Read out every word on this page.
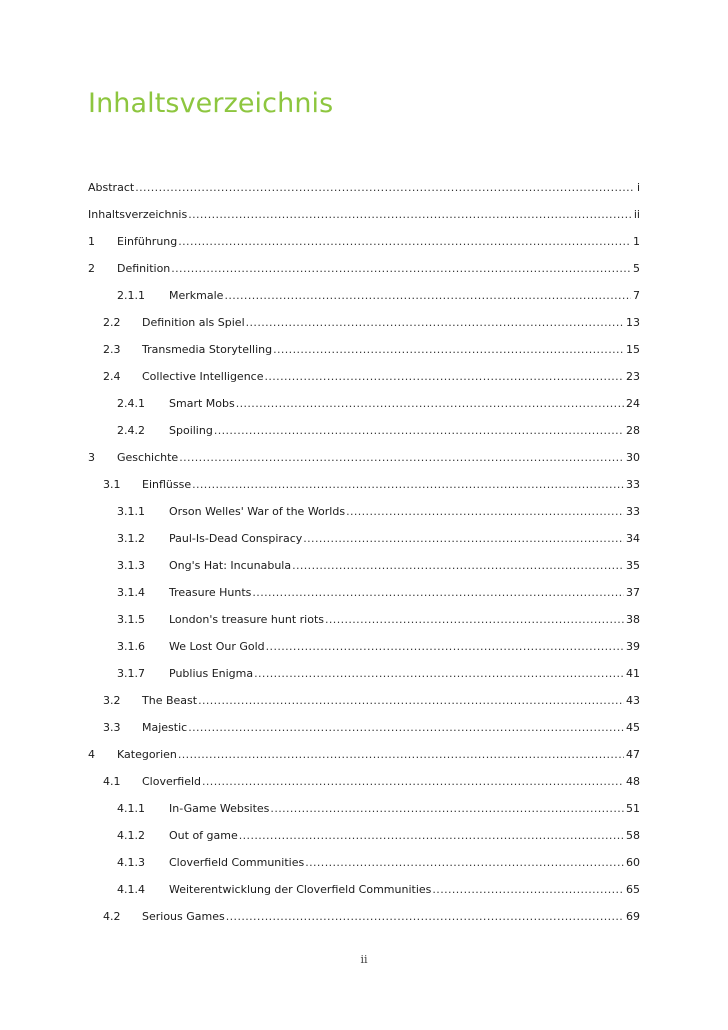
Inhaltsverzeichnis
Abstract .....	i
Inhaltsverzeichnis .....	ii
1	Einführung .....	1
2	Definition .....	5
2.1.1	Merkmale .....	7
2.2	Definition als Spiel .....	13
2.3	Transmedia Storytelling .....	15
2.4	Collective Intelligence .....	23
2.4.1	Smart Mobs .....	24
2.4.2	Spoiling .....	28
3	Geschichte .....	30
3.1	Einflüsse .....	33
3.1.1	Orson Welles' War of the Worlds .....	33
3.1.2	Paul-Is-Dead Conspiracy .....	34
3.1.3	Ong's Hat: Incunabula .....	35
3.1.4	Treasure Hunts .....	37
3.1.5	London's treasure hunt riots .....	38
3.1.6	We Lost Our Gold .....	39
3.1.7	Publius Enigma .....	41
3.2	The Beast .....	43
3.3	Majestic .....	45
4	Kategorien .....	47
4.1	Cloverfield .....	48
4.1.1	In-Game Websites .....	51
4.1.2	Out of game .....	58
4.1.3	Cloverfield Communities .....	60
4.1.4	Weiterentwicklung der Cloverfield Communities .....	65
4.2	Serious Games .....	69
ii
